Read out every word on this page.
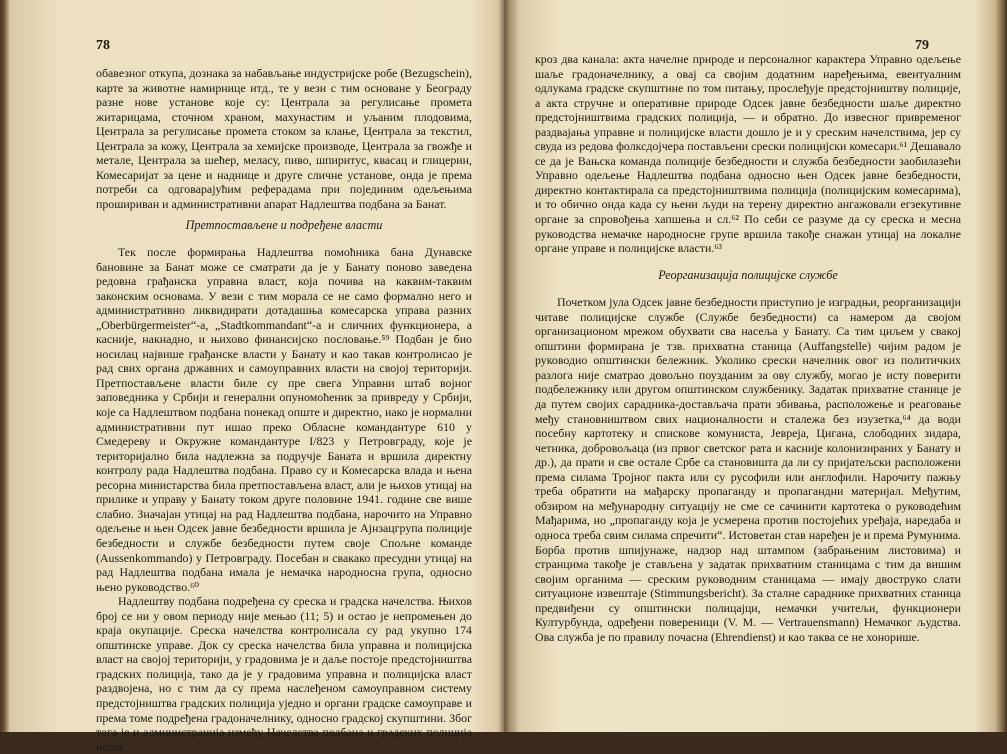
78

обавезног откупа, дознака за набављање индустријске робе (Bezugschein), карте за животне намирнице итд., те у вези с тим основане у Београду разне нове установе које су: Централа за регулисање промета житарицама, сточном храном, махунастим и уљаним плодовима, Централа за регулисање промета стоком за клање, Централа за текстил, Централа за кожу, Централа за хемијске производе, Централа за гвожђе и метале, Централа за шећер, меласу, пиво, шпиритус, квасац и глицерин, Комесаријат за цене и наднице и друге сличне установе, онда је према потреби са одговарајућим реферадама при појединим одељењима прошириван и административни апарат Надлештва подбана за Банат.

Претпостављене и подређене власти

Тек после формирања Надлештва помоћника бана Дунавске бановине за Банат може се сматрати да је у Банату поново заведена редовна грађанска управна власт, која почива на каквим-таквим законским основама. У вези с тим морала се не само формално него и административно ликвидирати дотадашња комесарска управа разних „Oberbürgermeister“-a, „Stadtkommandant“-a и сличних функционера, а касније, накнадно, и њихово финансијско пословање.⁵⁹ Подбан је био носилац највише грађанске власти у Банату и као такав контролисао је рад свих органа државних и самоуправних власти на својој територији. Претпостављене власти биле су пре свега Управни штаб војног заповедника у Србији и генерални опуномоћеник за привреду у Србији, које са Надлештвом подбана понекад опште и директно, иако је нормални административни пут ишао преко Обласне командантуре 610 у Смедереву и Окружне командантуре I/823 у Петровграду, које је територијално била надлежна за подручје Баната и вршила директну контролу рада Надлештва подбана. Право су и Комесарска влада и њена ресорна министарства била претпостављена власт, али је њихов утицај на прилике и управу у Банату током друге половине 1941. године све више слабио. Значајан утицај на рад Надлештва подбана, нарочито на Управно одељење и њен Одсек јавне безбедности вршила је Ајнзацгрупа полиције безбедности и службе безбедности путем своје Спољне команде (Aussenkommando) у Петровграду. Посебан и свакако пресудни утицај на рад Надлештва подбана имала је немачка народносна група, односно њено руководство.⁶⁰

Надлештву подбана подређена су среска и градска начелства. Њихов број се ни у овом периоду није мењао (11; 5) и остао је непромењен до краја окупације. Среска начелства контролисала су рад укупно 174 општинске управе. Док су среска начелства била управна и полицијска власт на својој територији, у градовима је и даље постоје предстојништва градских полиција, тако да је у градовима управна и полицијска власт раздвојена, но с тим да су према наслеђеном самоуправном систему предстојништва градских полиција уједно и органи градске самоуправе и према томе подређена градоначелнику, односно градској скупштини. Због тога је и администрација између Начелства подбана и градских полиција ишла

79

кроз два канала: акта начелне природе и персоналног карактера Управно одељење шаље градоначелнику, а овај са својим додатним наређењима, евентуалним одлукама градске скупштине по том питању, прослеђује предстојништву полиције, а акта стручне и оперативне природе Одсек јавне безбедности шаље директно предстојништвима градских полиција, — и обратно. До извесног привременог раздвајања управне и полицијске власти дошло је и у среским начелствима, јер су свуда из редова фолксдојчера постављени срески полицијски комесари.⁶¹ Дешавало се да је Вањска команда полиције безбедности и служба безбедности заобилазећи Управно одељење Надлештва подбана односно њен Одсек јавне безбедности, директно контактирала са предстојништвима полиција (полицијским комесарима), и то обично онда када су њени људи на терену директно ангажовали егзекутивне органе за спровођења хапшења и сл.⁶² По себи се разуме да су среска и месна руководства немачке народносне групе вршила такође снажан утицај на локалне органе управе и полицијске власти.⁶³

Реорганизација полицијске службе

Почетком јула Одсек јавне безбедности приступио је изградњи, реорганизацији читаве полицијске службе (Службе безбедности) са намером да својом организационом мрежом обухвати сва насеља у Банату. Са тим циљем у свакој општини формирана је тзв. прихватна станица (Auffangstelle) чијим радом је руководио општински бележник. Уколико срески начелник овог из политичких разлога није сматрао довољно поузданим за ову службу, могао је исту поверити подбележнику или другом општинском службенику. Задатак прихватне станице је да путем својих сарадника-достављача прати збивања, расположење и реаговање међу становништвом свих националности и сталежа без изузетка,⁶⁴ да води посебну картотеку и спискове комуниста, Јевреја, Цигана, слободних зидара, четника, добровољаца (из првог светског рата и касније колонизираних у Банату и др.), да прати и све остале Србе са становишта да ли су пријатељски расположени према силама Тројног пакта или су русофили или англофили. Нарочиту пажњу треба обратити на мађарску пропаганду и пропагандни материјал. Међутим, обзиром на међународну ситуацију не сме се сачинити картотека о руководећим Мађарима, но „пропаганду која је усмерена против постојећих уређаја, наредаба и односа треба свим силама спречити“. Истоветан став наређен је и према Румунима. Борба против шпијунаже, надзор над штампом (забрањеним листовима) и странцима такође је стављена у задатак прихватним станицама с тим да вишим својим органима — среским руководним станицама — имају двоструко слати ситуационе извештаје (Stimmungsbericht). За сталне сараднике прихватних станица предвиђени су општински полицајци, немачки учитељи, функционери Културбунда, одређени повереници (V. M. — Vertrauensmann) Немачког људства. Ова служба је по правилу почасна (Ehrendienst) и као таква се не хонорише.
